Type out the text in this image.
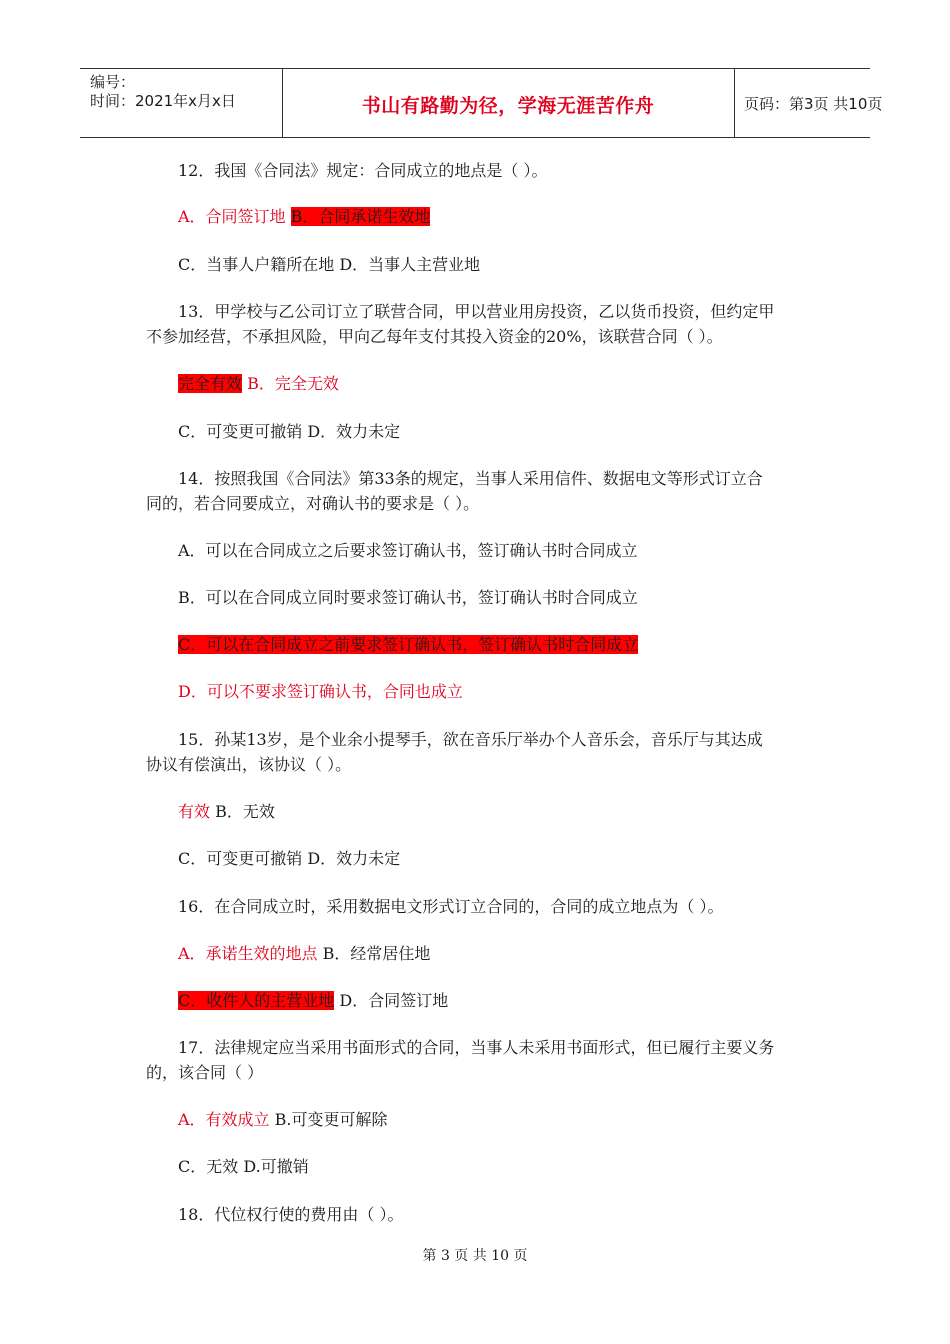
编号：
时间：2021年x月x日	书山有路勤为径，学海无涯苦作舟	页码：第3页 共10页
12．我国《合同法》规定：合同成立的地点是（ ）。
A．合同签订地 B．合同承诺生效地
C．当事人户籍所在地 D．当事人主营业地
13．甲学校与乙公司订立了联营合同，甲以营业用房投资，乙以货币投资，但约定甲
不参加经营，不承担风险，甲向乙每年支付其投入资金的20%，该联营合同（ ）。
完全有效 B．完全无效
C．可变更可撤销 D．效力未定
14．按照我国《合同法》第33条的规定，当事人采用信件、数据电文等形式订立合
同的，若合同要成立，对确认书的要求是（ ）。
A．可以在合同成立之后要求签订确认书，签订确认书时合同成立
B．可以在合同成立同时要求签订确认书，签订确认书时合同成立
C．可以在合同成立之前要求签订确认书，签订确认书时合同成立
D．可以不要求签订确认书，合同也成立
15．孙某13岁，是个业余小提琴手，欲在音乐厅举办个人音乐会，音乐厅与其达成
协议有偿演出，该协议（ ）。
有效 B．无效
C．可变更可撤销 D．效力未定
16．在合同成立时，采用数据电文形式订立合同的，合同的成立地点为（ ）。
A．承诺生效的地点 B．经常居住地
C．收件人的主营业地 D．合同签订地
17．法律规定应当采用书面形式的合同，当事人未采用书面形式，但已履行主要义务
的，该合同（ ）
A．有效成立 B.可变更可解除
C．无效 D.可撤销
18．代位权行使的费用由（ ）。
第 3 页 共 10 页
